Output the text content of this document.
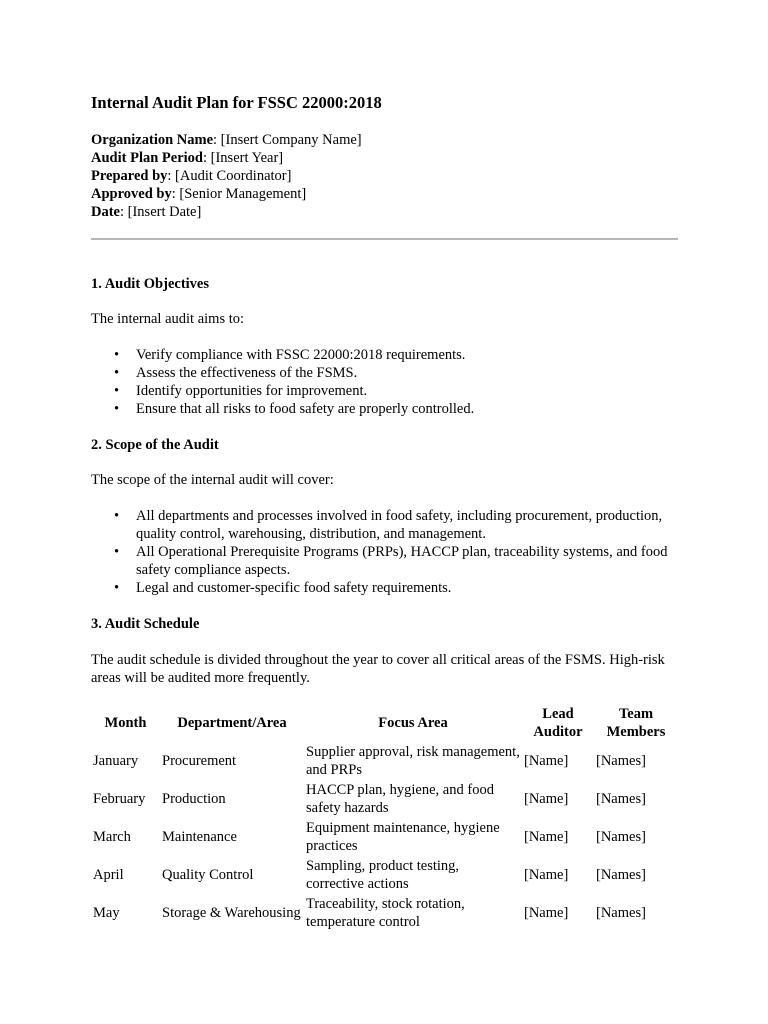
Internal Audit Plan for FSSC 22000:2018
Organization Name: [Insert Company Name]
Audit Plan Period: [Insert Year]
Prepared by: [Audit Coordinator]
Approved by: [Senior Management]
Date: [Insert Date]
1. Audit Objectives

The internal audit aims to:

•	Verify compliance with FSSC 22000:2018 requirements.
•	Assess the effectiveness of the FSMS.
•	Identify opportunities for improvement.
•	Ensure that all risks to food safety are properly controlled.
2. Scope of the Audit

The scope of the internal audit will cover:

•	All departments and processes involved in food safety, including procurement, production, quality control, warehousing, distribution, and management.
•	All Operational Prerequisite Programs (PRPs), HACCP plan, traceability systems, and food safety compliance aspects.
•	Legal and customer-specific food safety requirements.
3. Audit Schedule

The audit schedule is divided throughout the year to cover all critical areas of the FSMS. High-risk areas will be audited more frequently.

Month	Department/Area	Focus Area	Lead Auditor	Team Members
January	Procurement	Supplier approval, risk management, and PRPs	[Name]	[Names]
February	Production	HACCP plan, hygiene, and food safety hazards	[Name]	[Names]
March	Maintenance	Equipment maintenance, hygiene practices	[Name]	[Names]
April	Quality Control	Sampling, product testing, corrective actions	[Name]	[Names]
May	Storage & Warehousing	Traceability, stock rotation, temperature control	[Name]	[Names]
